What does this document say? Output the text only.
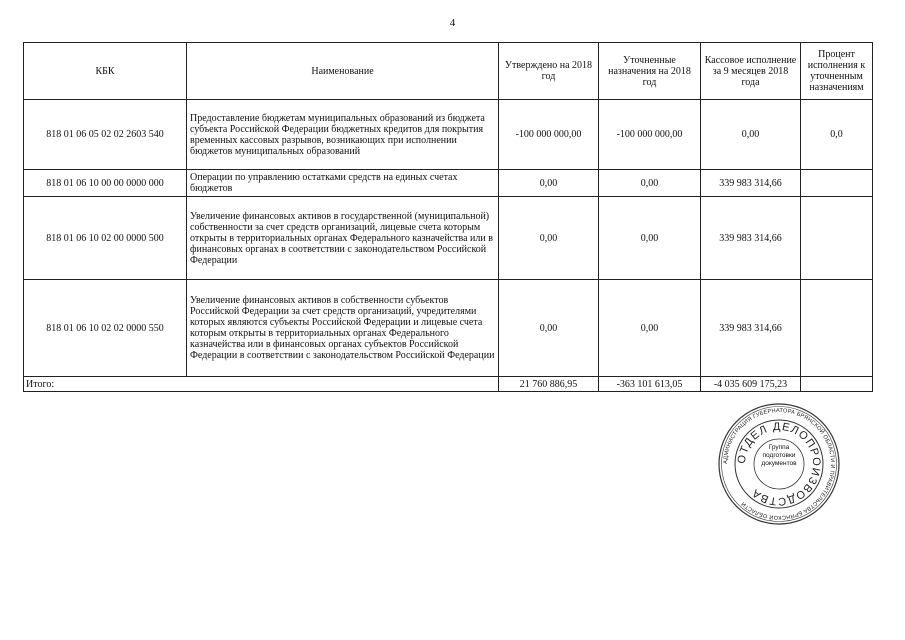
4
КБК	Наименование	Утверждено на 2018 год	Уточненные назначения на 2018 год	Кассовое исполнение за 9 месяцев 2018 года	Процент исполнения к уточненным назначениям
818 01 06 05 02 02 2603 540	Предоставление бюджетам муниципальных образований из бюджета субъекта Российской Федерации бюджетных кредитов для покрытия временных кассовых разрывов, возникающих при исполнении бюджетов муниципальных образований	-100 000 000,00	-100 000 000,00	0,00	0,0
818 01 06 10 00 00 0000 000	Операции по управлению остатками средств на единых счетах бюджетов	0,00	0,00	339 983 314,66	
818 01 06 10 02 00 0000 500	Увеличение финансовых активов в государственной (муниципальной) собственности за счет средств организаций, лицевые счета которым открыты в территориальных органах Федерального казначейства или в финансовых органах в соответствии с законодательством Российской Федерации	0,00	0,00	339 983 314,66	
818 01 06 10 02 02 0000 550	Увеличение финансовых активов в собственности субъектов Российской Федерации за счет средств организаций, учредителями которых являются субъекты Российской Федерации и лицевые счета которым открыты в территориальных органах Федерального казначейства или в финансовых органах субъектов Российской Федерации в соответствии с законодательством Российской Федерации	0,00	0,00	339 983 314,66	
Итого:		21 760 886,95	-363 101 613,05	-4 035 609 175,23	
АДМИНИСТРАЦИЯ ГУБЕРНАТОРА БРЯНСКОЙ ОБЛАСТИ И ПРАВИТЕЛЬСТВА БРЯНСКОЙ ОБЛАСТИ
ОТДЕЛ ДЕЛОПРОИЗВОДСТВА
Группа подготовки документов
